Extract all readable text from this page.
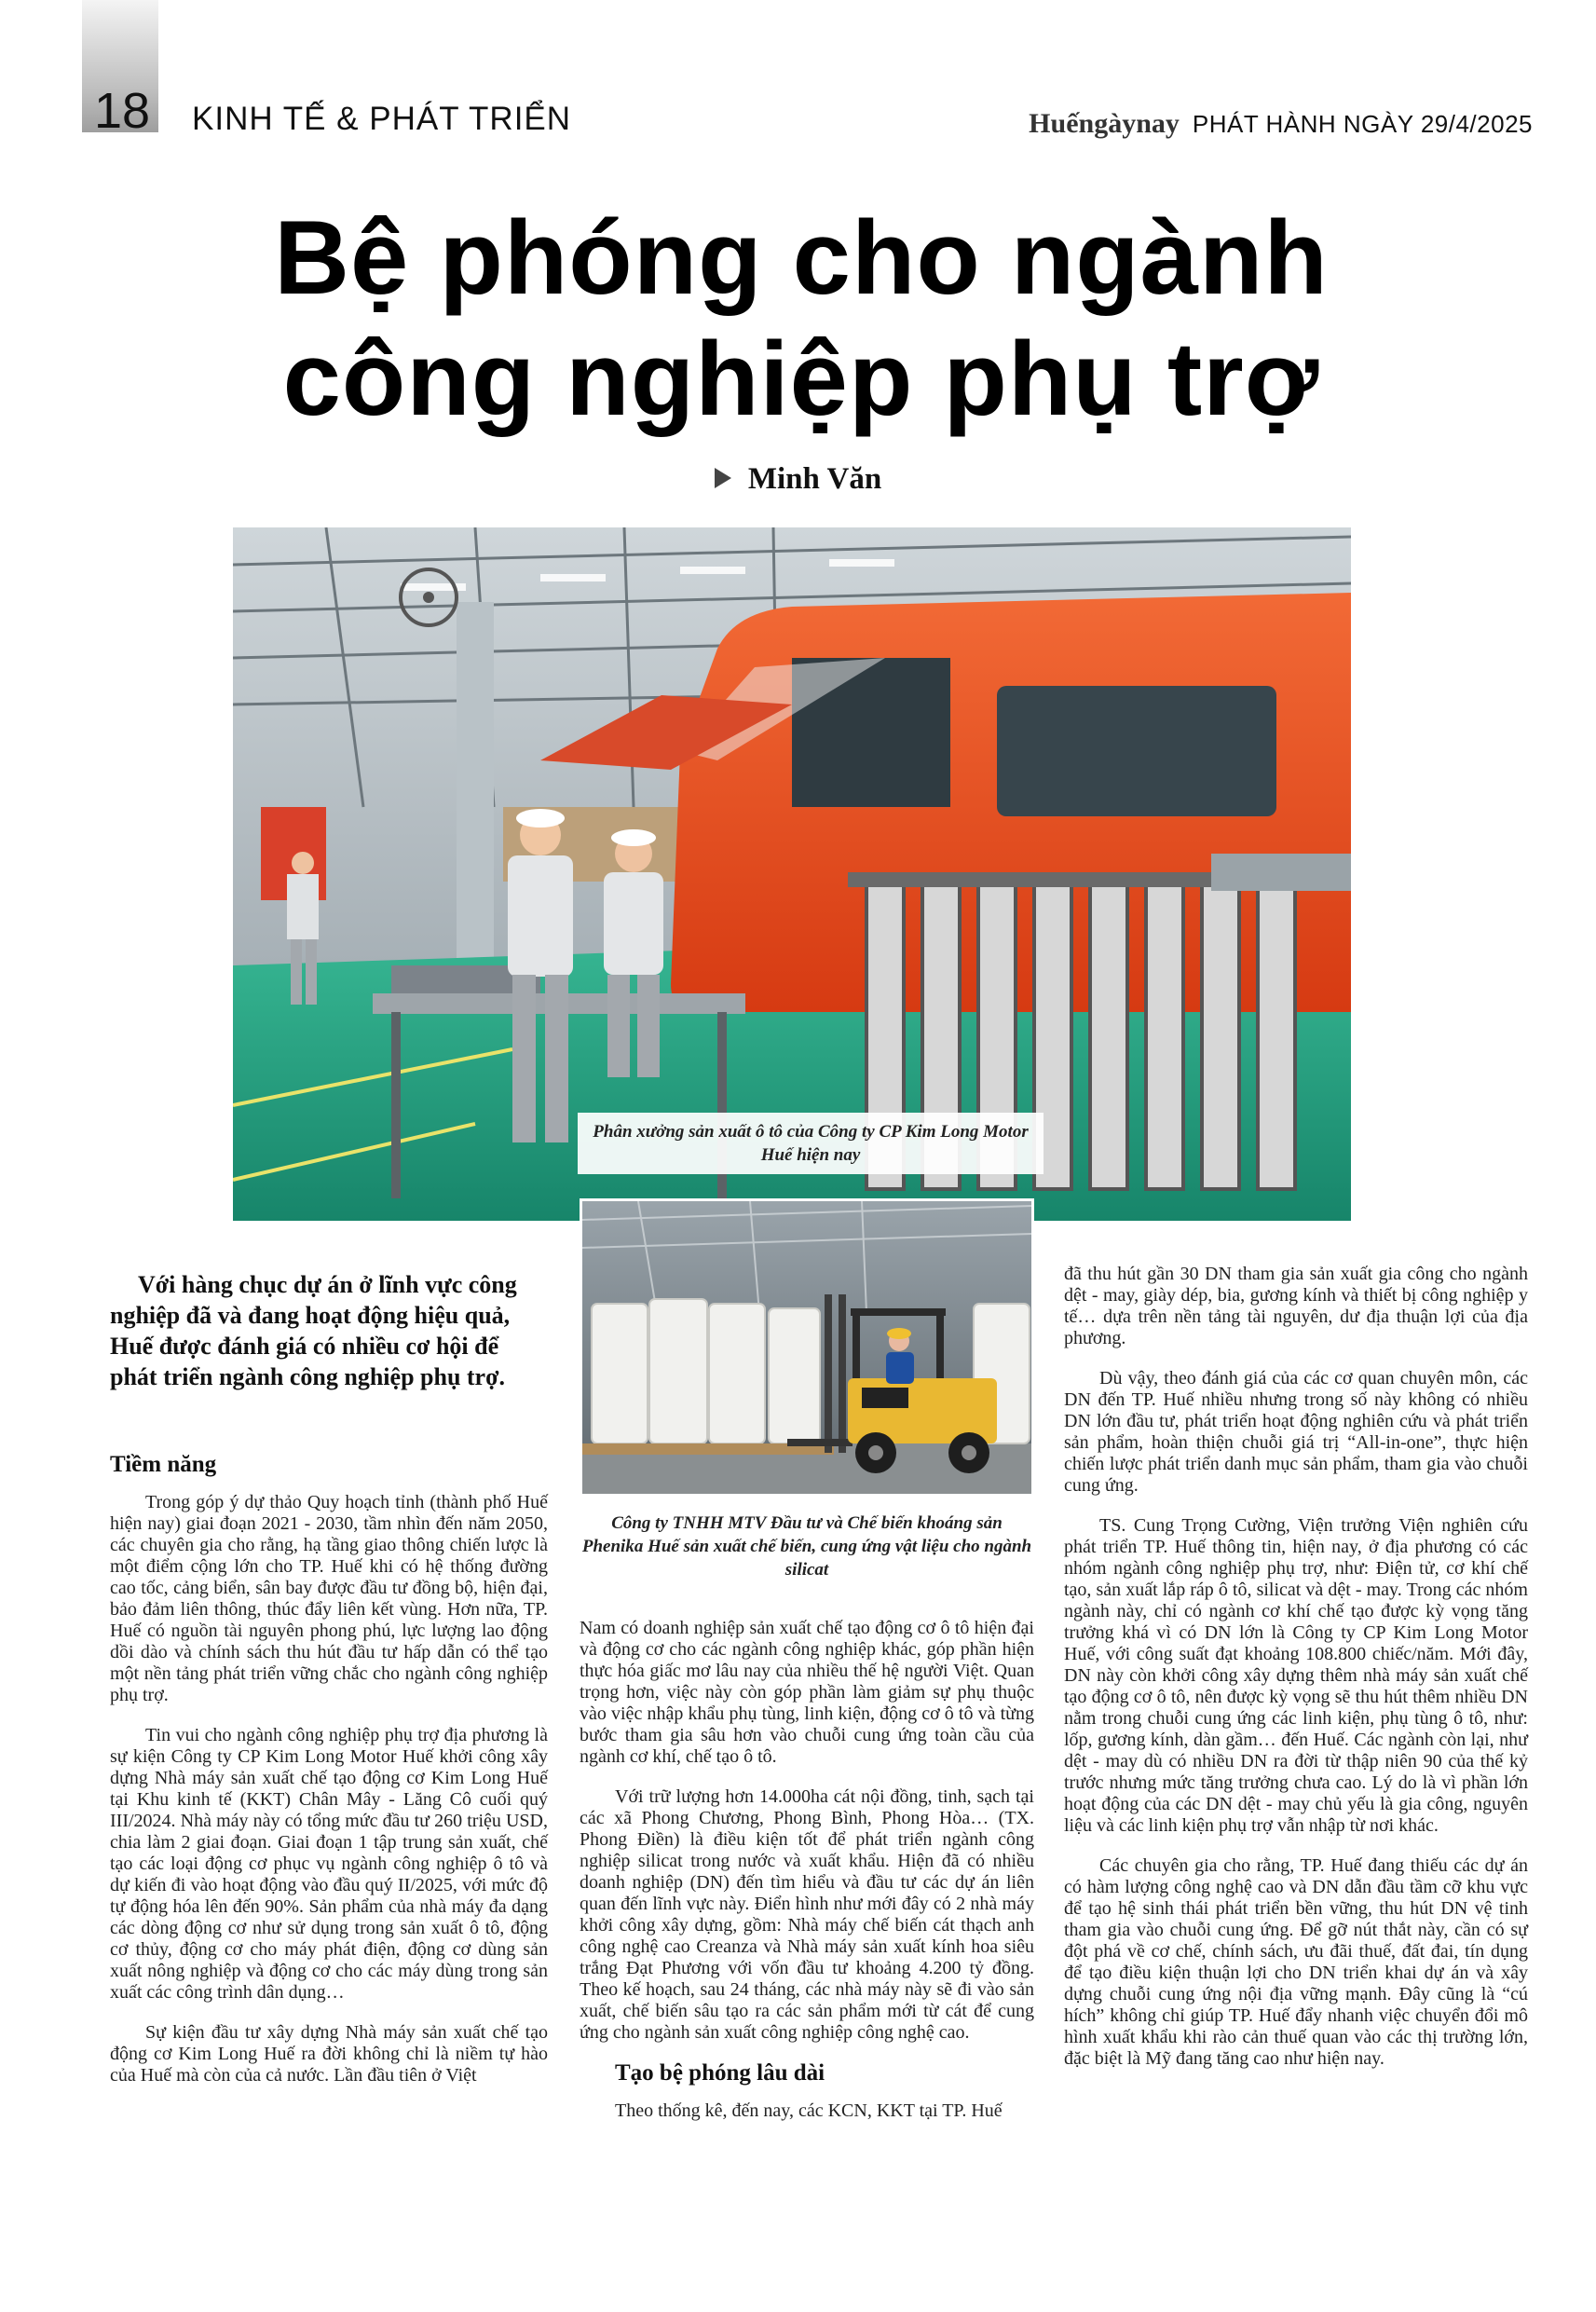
18 KINH TẾ & PHÁT TRIỂN	Huếngàynay PHÁT HÀNH NGÀY 29/4/2025
Bệ phóng cho ngành
công nghiệp phụ trợ
Minh Văn
Phân xưởng sản xuất ô tô của Công ty CP Kim Long Motor Huế hiện nay
Công ty TNHH MTV Đầu tư và Chế biến khoáng sản Phenika Huế sản xuất chế biến, cung ứng vật liệu cho ngành silicat

Với hàng chục dự án ở lĩnh vực công nghiệp đã và đang hoạt động hiệu quả, Huế được đánh giá có nhiều cơ hội để phát triển ngành công nghiệp phụ trợ.

Tiềm năng

Trong góp ý dự thảo Quy hoạch tỉnh (thành phố Huế hiện nay) giai đoạn 2021 - 2030, tầm nhìn đến năm 2050, các chuyên gia cho rằng, hạ tầng giao thông chiến lược là một điểm cộng lớn cho TP. Huế khi có hệ thống đường cao tốc, cảng biển, sân bay được đầu tư đồng bộ, hiện đại, bảo đảm liên thông, thúc đẩy liên kết vùng. Hơn nữa, TP. Huế có nguồn tài nguyên phong phú, lực lượng lao động dồi dào và chính sách thu hút đầu tư hấp dẫn có thể tạo một nền tảng phát triển vững chắc cho ngành công nghiệp phụ trợ.

Tin vui cho ngành công nghiệp phụ trợ địa phương là sự kiện Công ty CP Kim Long Motor Huế khởi công xây dựng Nhà máy sản xuất chế tạo động cơ Kim Long Huế tại Khu kinh tế (KKT) Chân Mây - Lăng Cô cuối quý III/2024. Nhà máy này có tổng mức đầu tư 260 triệu USD, chia làm 2 giai đoạn. Giai đoạn 1 tập trung sản xuất, chế tạo các loại động cơ phục vụ ngành công nghiệp ô tô và dự kiến đi vào hoạt động vào đầu quý II/2025, với mức độ tự động hóa lên đến 90%. Sản phẩm của nhà máy đa dạng các dòng động cơ như sử dụng trong sản xuất ô tô, động cơ thủy, động cơ cho máy phát điện, động cơ dùng sản xuất nông nghiệp và động cơ cho các máy dùng trong sản xuất các công trình dân dụng…

Sự kiện đầu tư xây dựng Nhà máy sản xuất chế tạo động cơ Kim Long Huế ra đời không chỉ là niềm tự hào của Huế mà còn của cả nước. Lần đầu tiên ở Việt

Nam có doanh nghiệp sản xuất chế tạo động cơ ô tô hiện đại và động cơ cho các ngành công nghiệp khác, góp phần hiện thực hóa giấc mơ lâu nay của nhiều thế hệ người Việt. Quan trọng hơn, việc này còn góp phần làm giảm sự phụ thuộc vào việc nhập khẩu phụ tùng, linh kiện, động cơ ô tô và từng bước tham gia sâu hơn vào chuỗi cung ứng toàn cầu của ngành cơ khí, chế tạo ô tô.

Với trữ lượng hơn 14.000ha cát nội đồng, tinh, sạch tại các xã Phong Chương, Phong Bình, Phong Hòa… (TX. Phong Điền) là điều kiện tốt để phát triển ngành công nghiệp silicat trong nước và xuất khẩu. Hiện đã có nhiều doanh nghiệp (DN) đến tìm hiểu và đầu tư các dự án liên quan đến lĩnh vực này. Điển hình như mới đây có 2 nhà máy khởi công xây dựng, gồm: Nhà máy chế biến cát thạch anh công nghệ cao Creanza và Nhà máy sản xuất kính hoa siêu trắng Đạt Phương với vốn đầu tư khoảng 4.200 tỷ đồng. Theo kế hoạch, sau 24 tháng, các nhà máy này sẽ đi vào sản xuất, chế biến sâu tạo ra các sản phẩm mới từ cát để cung ứng cho ngành sản xuất công nghiệp công nghệ cao.

Tạo bệ phóng lâu dài

Theo thống kê, đến nay, các KCN, KKT tại TP. Huế

đã thu hút gần 30 DN tham gia sản xuất gia công cho ngành dệt - may, giày dép, bia, gương kính và thiết bị công nghiệp y tế… dựa trên nền tảng tài nguyên, dư địa thuận lợi của địa phương.

Dù vậy, theo đánh giá của các cơ quan chuyên môn, các DN đến TP. Huế nhiều nhưng trong số này không có nhiều DN lớn đầu tư, phát triển hoạt động nghiên cứu và phát triển sản phẩm, hoàn thiện chuỗi giá trị “All-in-one”, thực hiện chiến lược phát triển danh mục sản phẩm, tham gia vào chuỗi cung ứng.

TS. Cung Trọng Cường, Viện trưởng Viện nghiên cứu phát triển TP. Huế thông tin, hiện nay, ở địa phương có các nhóm ngành công nghiệp phụ trợ, như: Điện tử, cơ khí chế tạo, sản xuất lắp ráp ô tô, silicat và dệt - may. Trong các nhóm ngành này, chỉ có ngành cơ khí chế tạo được kỳ vọng tăng trưởng khá vì có DN lớn là Công ty CP Kim Long Motor Huế, với công suất đạt khoảng 108.800 chiếc/năm. Mới đây, DN này còn khởi công xây dựng thêm nhà máy sản xuất chế tạo động cơ ô tô, nên được kỳ vọng sẽ thu hút thêm nhiều DN nằm trong chuỗi cung ứng các linh kiện, phụ tùng ô tô, như: lốp, gương kính, dàn gầm… đến Huế. Các ngành còn lại, như dệt - may dù có nhiều DN ra đời từ thập niên 90 của thế kỷ trước nhưng mức tăng trưởng chưa cao. Lý do là vì phần lớn hoạt động của các DN dệt - may chủ yếu là gia công, nguyên liệu và các linh kiện phụ trợ vẫn nhập từ nơi khác.

Các chuyên gia cho rằng, TP. Huế đang thiếu các dự án có hàm lượng công nghệ cao và DN dẫn đầu tầm cỡ khu vực để tạo hệ sinh thái phát triển bền vững, thu hút DN vệ tinh tham gia vào chuỗi cung ứng. Để gỡ nút thắt này, cần có sự đột phá về cơ chế, chính sách, ưu đãi thuế, đất đai, tín dụng để tạo điều kiện thuận lợi cho DN triển khai dự án và xây dựng chuỗi cung ứng nội địa vững mạnh. Đây cũng là “cú hích” không chỉ giúp TP. Huế đẩy nhanh việc chuyển đổi mô hình xuất khẩu khi rào cản thuế quan vào các thị trường lớn, đặc biệt là Mỹ đang tăng cao như hiện nay.
